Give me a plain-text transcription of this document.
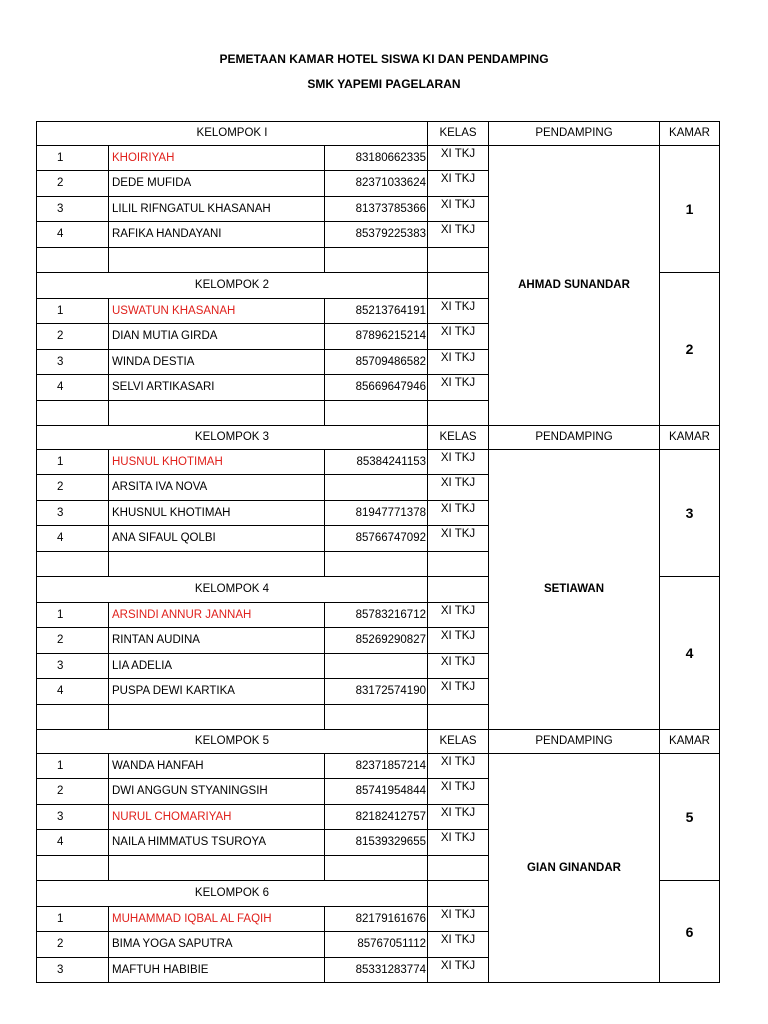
PEMETAAN KAMAR HOTEL SISWA KI DAN PENDAMPING
SMK YAPEMI PAGELARAN
KELOMPOK I			KELAS	PENDAMPING	KAMAR
1	KHOIRIYAH	83180662335	XI TKJ	AHMAD SUNANDAR	1
2	DEDE MUFIDA	82371033624	XI TKJ		
3	LILIL RIFNGATUL KHASANAH	81373785366	XI TKJ		
4	RAFIKA HANDAYANI	85379225383	XI TKJ		

KELOMPOK 2					2
1	USWATUN KHASANAH	85213764191	XI TKJ		
2	DIAN MUTIA GIRDA	87896215214	XI TKJ		
3	WINDA DESTIA	85709486582	XI TKJ		
4	SELVI ARTIKASARI	85669647946	XI TKJ		

KELOMPOK 3			KELAS	PENDAMPING	KAMAR
1	HUSNUL KHOTIMAH	85384241153	XI TKJ	SETIAWAN	3
2	ARSITA IVA NOVA		XI TKJ		
3	KHUSNUL KHOTIMAH	81947771378	XI TKJ		
4	ANA SIFAUL QOLBI	85766747092	XI TKJ		

KELOMPOK 4					4
1	ARSINDI ANNUR JANNAH	85783216712	XI TKJ		
2	RINTAN AUDINA	85269290827	XI TKJ		
3	LIA ADELIA		XI TKJ		
4	PUSPA DEWI KARTIKA	83172574190	XI TKJ		

KELOMPOK 5			KELAS	PENDAMPING	KAMAR
1	WANDA HANFAH	82371857214	XI TKJ	GIAN GINANDAR	5
2	DWI ANGGUN STYANINGSIH	85741954844	XI TKJ		
3	NURUL CHOMARIYAH	82182412757	XI TKJ		
4	NAILA HIMMATUS TSUROYA	81539329655	XI TKJ		

KELOMPOK 6					6
1	MUHAMMAD IQBAL AL FAQIH	82179161676	XI TKJ		
2	BIMA YOGA SAPUTRA	85767051112	XI TKJ		
3	MAFTUH HABIBIE	85331283774	XI TKJ		
